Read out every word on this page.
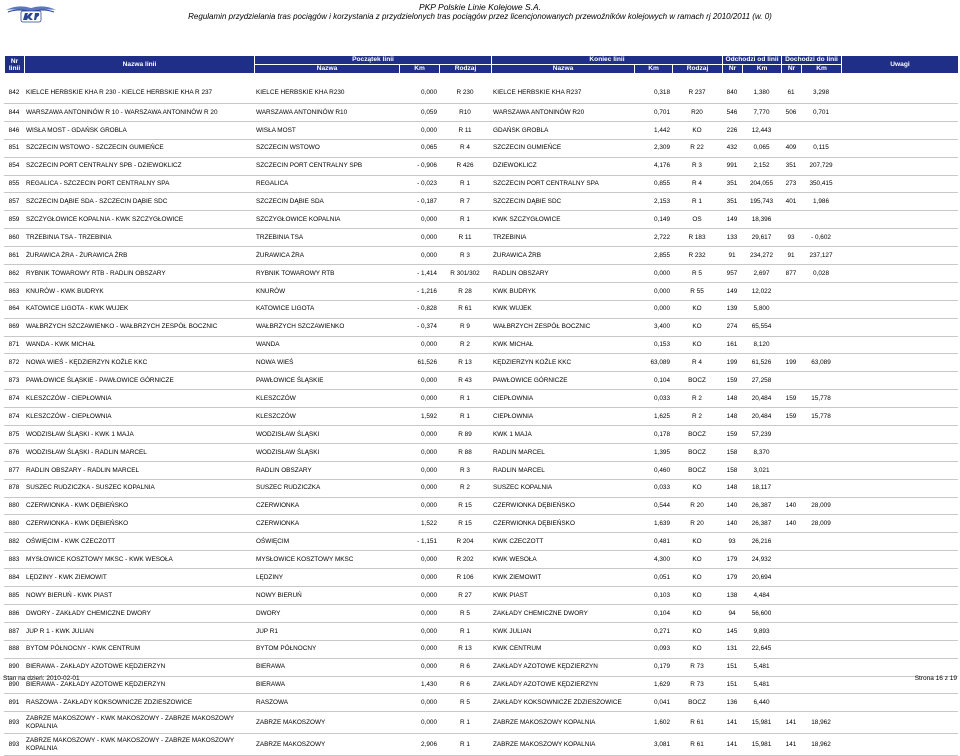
PKP Polskie Linie Kolejowe S.A.
Regulamin przydzielania tras pociągów i korzystania z przydzielonych tras pociągów przez licencjonowanych przewoźników kolejowych w ramach rj 2010/2011 (w. 0)

842	KIELCE HERBSKIE KHA R 230 - KIELCE HERBSKIE KHA R 237	KIELCE HERBSKIE KHA R230	0,000	R 230	KIELCE HERBSKIE KHA R237	0,318	R 237	840	1,380	61	3,298	
844	WARSZAWA ANTONINÓW R 10 - WARSZAWA ANTONINÓW R 20	WARSZAWA ANTONINÓW R10	0,059	R10	WARSZAWA ANTONINÓW R20	0,701	R20	546	7,770	506	0,701	
846	WISŁA MOST - GDAŃSK GROBLA	WISŁA MOST	0,000	R 11	GDAŃSK GROBLA	1,442	KO	226	12,443			
851	SZCZECIN WSTOWO - SZCZECIN GUMIEŃCE	SZCZECIN WSTOWO	0,065	R 4	SZCZECIN GUMIEŃCE	2,309	R 22	432	0,065	409	0,115	
854	SZCZECIN PORT CENTRALNY SPB - DZIEWOKLICZ	SZCZECIN PORT CENTRALNY SPB	- 0,906	R 426	DZIEWOKLICZ	4,176	R 3	991	2,152	351	207,729	
855	REGALICA - SZCZECIN PORT CENTRALNY SPA	REGALICA	- 0,023	R 1	SZCZECIN PORT CENTRALNY SPA	0,855	R 4	351	204,055	273	350,415	
857	SZCZECIN DĄBIE SDA - SZCZECIN DĄBIE SDC	SZCZECIN DĄBIE SDA	- 0,187	R 7	SZCZECIN DĄBIE SDC	2,153	R 1	351	195,743	401	1,986	
859	SZCZYGŁOWICE KOPALNIA - KWK SZCZYGŁOWICE	SZCZYGŁOWICE KOPALNIA	0,000	R 1	KWK SZCZYGŁOWICE	0,149	OS	149	18,396			
860	TRZEBINIA TSA - TRZEBINIA	TRZEBINIA TSA	0,000	R 11	TRZEBINIA	2,722	R 183	133	29,617	93	- 0,602	
861	ŻURAWICA ŻRA - ŻURAWICA ŻRB	ŻURAWICA ŻRA	0,000	R 3	ŻURAWICA ŻRB	2,855	R 232	91	234,272	91	237,127	
862	RYBNIK TOWAROWY RTB - RADLIN OBSZARY	RYBNIK TOWAROWY RTB	- 1,414	R 301/302	RADLIN OBSZARY	0,000	R 5	957	2,697	877	0,028	
863	KNURÓW - KWK BUDRYK	KNURÓW	- 1,216	R 28	KWK BUDRYK	0,000	R 55	149	12,022			
864	KATOWICE LIGOTA - KWK WUJEK	KATOWICE LIGOTA	- 0,828	R 61	KWK WUJEK	0,000	KO	139	5,800			
869	WAŁBRZYCH SZCZAWIENKO - WAŁBRZYCH ZESPÓŁ BOCZNIC	WAŁBRZYCH SZCZAWIENKO	- 0,374	R 9	WAŁBRZYCH ZESPÓŁ BOCZNIC	3,400	KO	274	65,554			
871	WANDA - KWK MICHAŁ	WANDA	0,000	R 2	KWK MICHAŁ	0,153	KO	161	8,120			
872	NOWA WIEŚ - KĘDZIERZYN KOŹLE KKC	NOWA WIEŚ	61,526	R 13	KĘDZIERZYN KOŹLE KKC	63,089	R 4	199	61,526	199	63,089	
873	PAWŁOWICE ŚLĄSKIE - PAWŁOWICE GÓRNICZE	PAWŁOWICE ŚLĄSKIE	0,000	R 43	PAWŁOWICE GÓRNICZE	0,104	BOCZ	159	27,258			
874	KLESZCZÓW - CIEPŁOWNIA	KLESZCZÓW	0,000	R 1	CIEPŁOWNIA	0,033	R 2	148	20,484	159	15,778	
874	KLESZCZÓW - CIEPŁOWNIA	KLESZCZÓW	1,592	R 1	CIEPŁOWNIA	1,625	R 2	148	20,484	159	15,778	
875	WODZISŁAW ŚLĄSKI - KWK 1 MAJA	WODZISŁAW ŚLĄSKI	0,000	R 89	KWK 1 MAJA	0,178	BOCZ	159	57,239			
876	WODZISŁAW ŚLĄSKI - RADLIN MARCEL	WODZISŁAW ŚLĄSKI	0,000	R 88	RADLIN MARCEL	1,395	BOCZ	158	8,370			
877	RADLIN OBSZARY - RADLIN MARCEL	RADLIN OBSZARY	0,000	R 3	RADLIN MARCEL	0,460	BOCZ	158	3,021			
878	SUSZEC RUDZICZKA - SUSZEC KOPALNIA	SUSZEC RUDZICZKA	0,000	R 2	SUSZEC KOPALNIA	0,033	KO	148	18,117			
880	CZERWIONKA - KWK DĘBIEŃSKO	CZERWIONKA	0,000	R 15	CZERWIONKA DĘBIEŃSKO	0,544	R 20	140	26,387	140	28,009	
880	CZERWIONKA - KWK DĘBIEŃSKO	CZERWIONKA	1,522	R 15	CZERWIONKA DĘBIEŃSKO	1,639	R 20	140	26,387	140	28,009	
882	OŚWIĘCIM - KWK CZECZOTT	OŚWIĘCIM	- 1,151	R 204	KWK CZECZOTT	0,481	KO	93	26,216			
883	MYSŁOWICE KOSZTOWY MKSC - KWK WESOŁA	MYSŁOWICE KOSZTOWY MKSC	0,000	R 202	KWK WESOŁA	4,300	KO	179	24,932			
884	LĘDZINY - KWK ZIEMOWIT	LĘDZINY	0,000	R 106	KWK ZIEMOWIT	0,051	KO	179	20,694			
885	NOWY BIERUŃ - KWK PIAST	NOWY BIERUŃ	0,000	R 27	KWK PIAST	0,103	KO	138	4,484			
886	DWORY - ZAKŁADY CHEMICZNE DWORY	DWORY	0,000	R 5	ZAKŁADY CHEMICZNE DWORY	0,104	KO	94	56,600			
887	JUP R 1 - KWK JULIAN	JUP R1	0,000	R 1	KWK JULIAN	0,271	KO	145	9,893			
888	BYTOM PÓŁNOCNY - KWK CENTRUM	BYTOM PÓŁNOCNY	0,000	R 13	KWK CENTRUM	0,093	KO	131	22,645			
890	BIERAWA - ZAKŁADY AZOTOWE KĘDZIERZYN	BIERAWA	0,000	R 6	ZAKŁADY AZOTOWE KĘDZIERZYN	0,179	R 73	151	5,481			
890	BIERAWA - ZAKŁADY AZOTOWE KĘDZIERZYN	BIERAWA	1,430	R 6	ZAKŁADY AZOTOWE KĘDZIERZYN	1,629	R 73	151	5,481			
891	RASZOWA - ZAKŁADY KOKSOWNICZE ZDZIESZOWICE	RASZOWA	0,000	R 5	ZAKŁADY KOKSOWNICZE ZDZIESZOWICE	0,041	BOCZ	136	6,440			
893	ZABRZE MAKOSZOWY - KWK MAKOSZOWY - ZABRZE MAKOSZOWY KOPALNIA	ZABRZE MAKOSZOWY	0,000	R 1	ZABRZE MAKOSZOWY KOPALNIA	1,602	R 61	141	15,981	141	18,962	
893	ZABRZE MAKOSZOWY - KWK MAKOSZOWY - ZABRZE MAKOSZOWY KOPALNIA	ZABRZE MAKOSZOWY	2,906	R 1	ZABRZE MAKOSZOWY KOPALNIA	3,081	R 61	141	15,981	141	18,962	
Nr linii	Nazwa linii	Początek linii			Koniec linii			Odchodzi od linii		Dochodzi do linii		Uwagi
		Nazwa	Km	Rodzaj	Nazwa	Km	Rodzaj	Nr	Km	Nr	Km	
Stan na dzień: 2010-02-01	Strona 16 z 19
